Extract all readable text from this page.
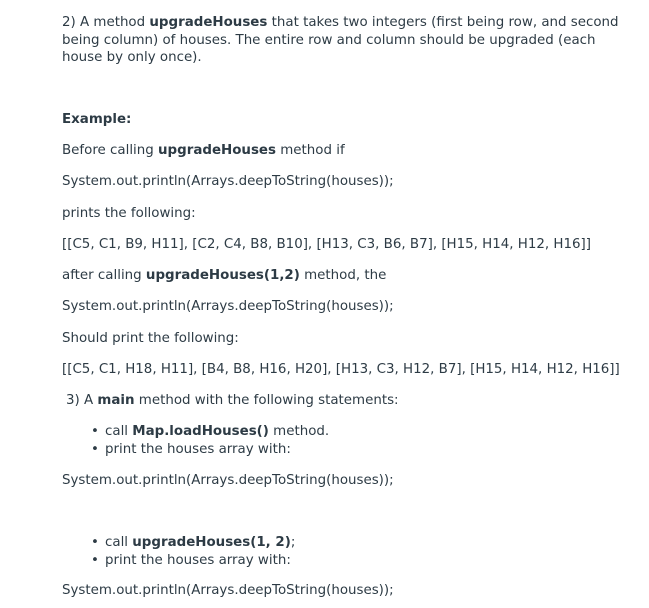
2) A method upgradeHouses that takes two integers (first being row, and second being column) of houses. The entire row and column should be upgraded (each house by only once).
Example:
Before calling upgradeHouses method if
System.out.println(Arrays.deepToString(houses));
prints the following:
[[C5, C1, B9, H11], [C2, C4, B8, B10], [H13, C3, B6, B7], [H15, H14, H12, H16]]
after calling upgradeHouses(1,2) method, the
System.out.println(Arrays.deepToString(houses));
Should print the following:
[[C5, C1, H18, H11], [B4, B8, H16, H20], [H13, C3, H12, B7], [H15, H14, H12, H16]]
3) A main method with the following statements:
• call Map.loadHouses() method.
• print the houses array with:
System.out.println(Arrays.deepToString(houses));
• call upgradeHouses(1, 2);
• print the houses array with:
System.out.println(Arrays.deepToString(houses));
